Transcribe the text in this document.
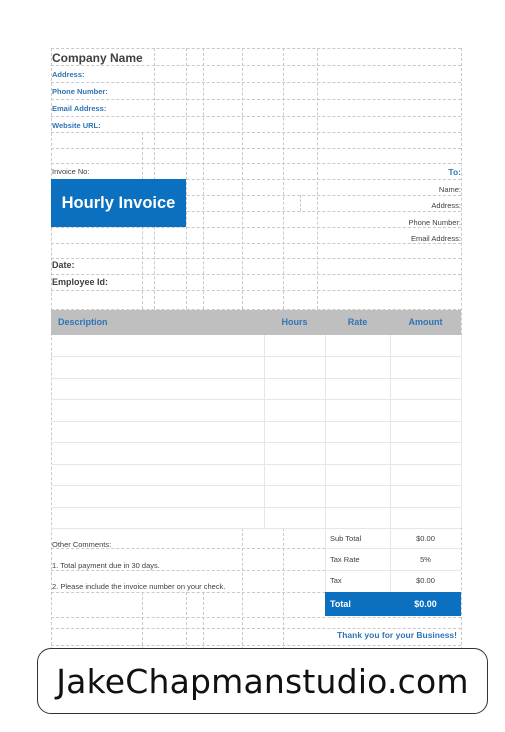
Company Name
Address:
Phone Number:
Email Address:
Website URL:
Invoice No:
Hourly Invoice
Date:
Employee Id:
To:
Name:
Address:
Phone Number:
Email Address:
Description	Hours	Rate	Amount
Other Comments:
1. Total payment due in 30 days.
2. Please include the invoice number on your check.
Sub Total	$0.00
Tax Rate	5%
Tax	$0.00
Total	$0.00
Thank you for your Business!
JakeChapmanstudio.com
